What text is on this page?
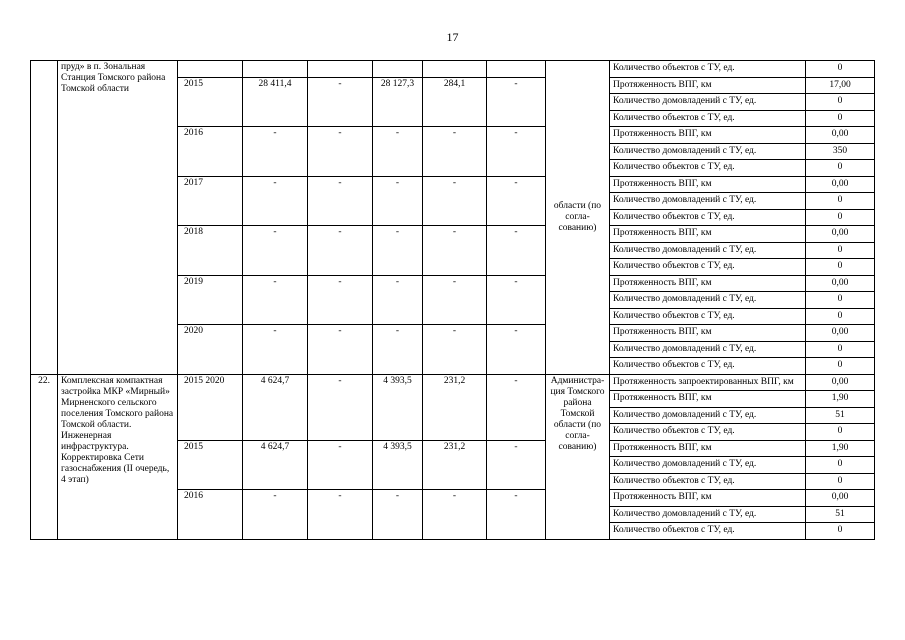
17
	пруд» в п. Зональная Станция Томского района Томской области							области (по согла-сованию)	Количество объектов с ТУ, ед.	0
		2015	28 411,4	-	28 127,3	284,1	-		Протяженность ВПГ, км	17,00
									Количество домовладений с ТУ, ед.	0
									Количество объектов с ТУ, ед.	0
		2016	-	-	-	-	-		Протяженность ВПГ, км	0,00
									Количество домовладений с ТУ, ед.	350
									Количество объектов с ТУ, ед.	0
		2017	-	-	-	-	-		Протяженность ВПГ, км	0,00
									Количество домовладений с ТУ, ед.	0
									Количество объектов с ТУ, ед.	0
		2018	-	-	-	-	-		Протяженность ВПГ, км	0,00
									Количество домовладений с ТУ, ед.	0
									Количество объектов с ТУ, ед.	0
		2019	-	-	-	-	-		Протяженность ВПГ, км	0,00
									Количество домовладений с ТУ, ед.	0
									Количество объектов с ТУ, ед.	0
		2020	-	-	-	-	-		Протяженность ВПГ, км	0,00
									Количество домовладений с ТУ, ед.	0
									Количество объектов с ТУ, ед.	0
22.	Комплексная компактная застройка МКР «Мирный» Мирненского сельского поселения Томского района Томской области. Инженерная инфраструктура. Корректировка Сети газоснабжения (II очередь, 4 этап)	2015 2020	4 624,7	-	4 393,5	231,2	-	Администра-ция Томского района Томской области (по согла-сованию)	Протяженность запроектированных ВПГ, км	0,00
									Протяженность ВПГ, км	1,90
									Количество домовладений с ТУ, ед.	51
									Количество объектов с ТУ, ед.	0
		2015	4 624,7	-	4 393,5	231,2	-		Протяженность ВПГ, км	1,90
									Количество домовладений с ТУ, ед.	0
									Количество объектов с ТУ, ед.	0
		2016	-	-	-	-	-		Протяженность ВПГ, км	0,00
									Количество домовладений с ТУ, ед.	51
									Количество объектов с ТУ, ед.	0
